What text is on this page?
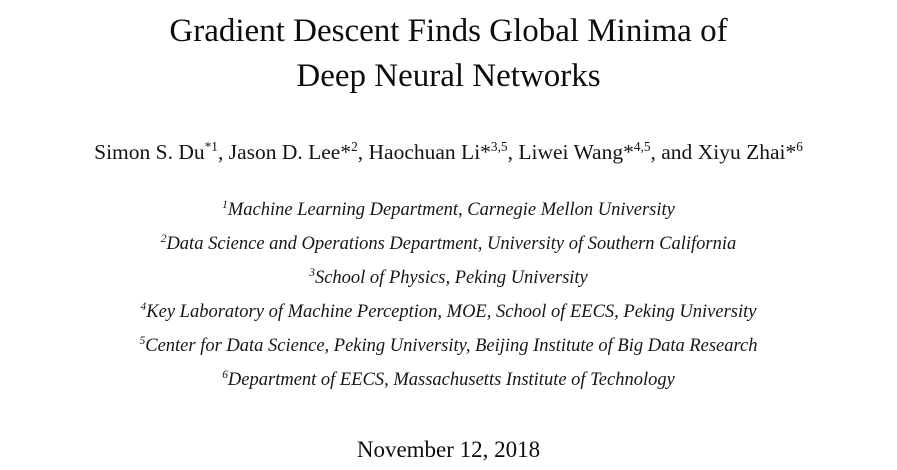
Gradient Descent Finds Global Minima of
Deep Neural Networks
Simon S. Du$^{*1}$, Jason D. Lee*$^2$, Haochuan Li*$^{3,5}$, Liwei Wang*$^{4,5}$, and Xiyu Zhai*$^6$
$^1$Machine Learning Department, Carnegie Mellon University
$^2$Data Science and Operations Department, University of Southern California
$^3$School of Physics, Peking University
$^4$Key Laboratory of Machine Perception, MOE, School of EECS, Peking University
$^5$Center for Data Science, Peking University, Beijing Institute of Big Data Research
$^6$Department of EECS, Massachusetts Institute of Technology
November 12, 2018
